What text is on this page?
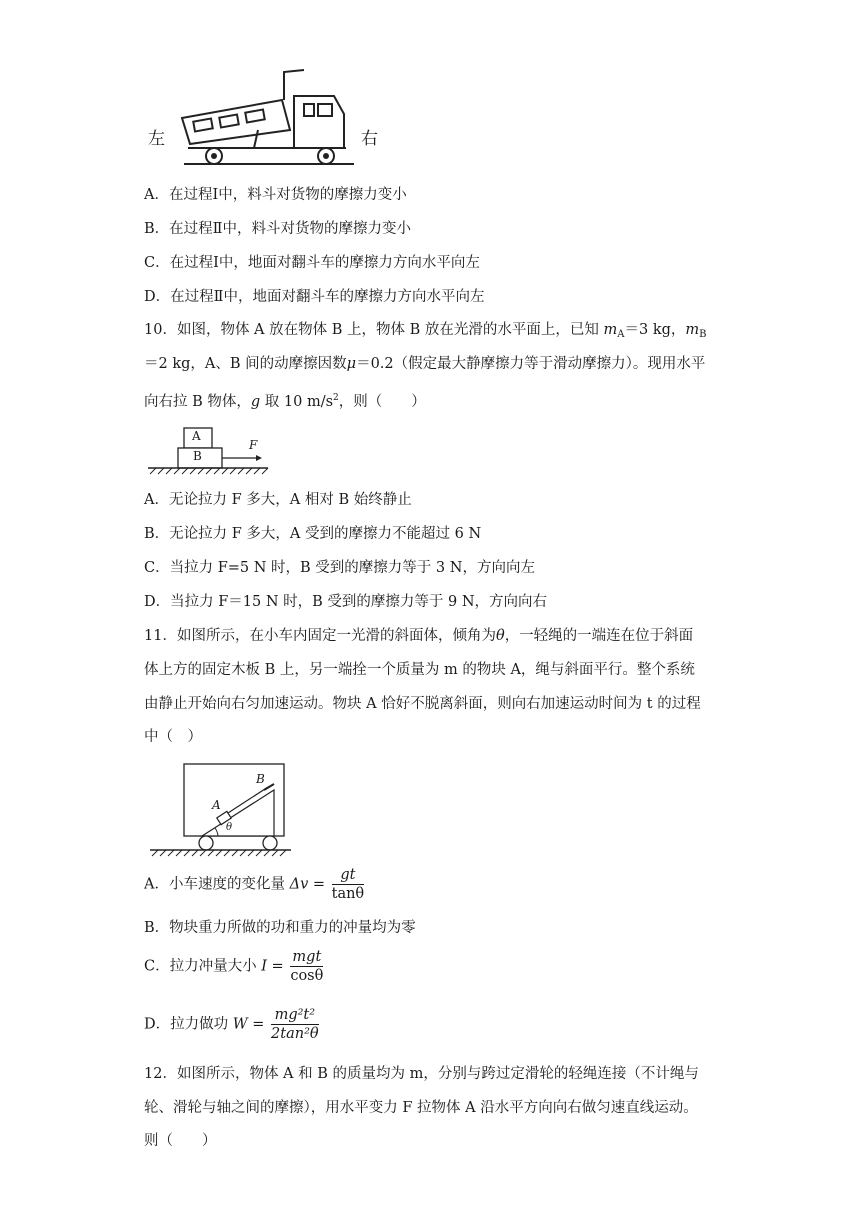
左	右
A．在过程Ⅰ中，料斗对货物的摩擦力变小
B．在过程Ⅱ中，料斗对货物的摩擦力变小
C．在过程Ⅰ中，地面对翻斗车的摩擦力方向水平向左
D．在过程Ⅱ中，地面对翻斗车的摩擦力方向水平向左
10．如图，物体 A 放在物体 B 上，物体 B 放在光滑的水平面上，已知 $m_A=3$ kg，$m_B$
＝2 kg，A、B 间的动摩擦因数μ＝0.2（假定最大静摩擦力等于滑动摩擦力）。现用水平
向右拉 B 物体，g 取 10 $m/s^2$，则（　　）
A
B
F
A．无论拉力 F 多大，A 相对 B 始终静止
B．无论拉力 F 多大，A 受到的摩擦力不能超过 6 N
C．当拉力 F=5 N 时，B 受到的摩擦力等于 3 N，方向向左
D．当拉力 F＝15 N 时，B 受到的摩擦力等于 9 N，方向向右
11．如图所示，在小车内固定一光滑的斜面体，倾角为θ，一轻绳的一端连在位于斜面
体上方的固定木板 B 上，另一端拴一个质量为 m 的物块 A，绳与斜面平行。整个系统
由静止开始向右匀加速运动。物块 A 恰好不脱离斜面，则向右加速运动时间为 t 的过程
中（　）
B
A
θ
A．小车速度的变化量 $\Delta v = \frac{gt}{\tan\theta}$
B．物块重力所做的功和重力的冲量均为零
C．拉力冲量大小 $I = \frac{\text{mgt}}{\cos\theta}$
D．拉力做功 $W = \frac{\text{mg²t²}}{\text{2tan²θ}}$
12．如图所示，物体 A 和 B 的质量均为 m，分别与跨过定滑轮的轻绳连接（不计绳与
轮、滑轮与轴之间的摩擦），用水平变力 F 拉物体 A 沿水平方向向右做匀速直线运动。
则（　　）
